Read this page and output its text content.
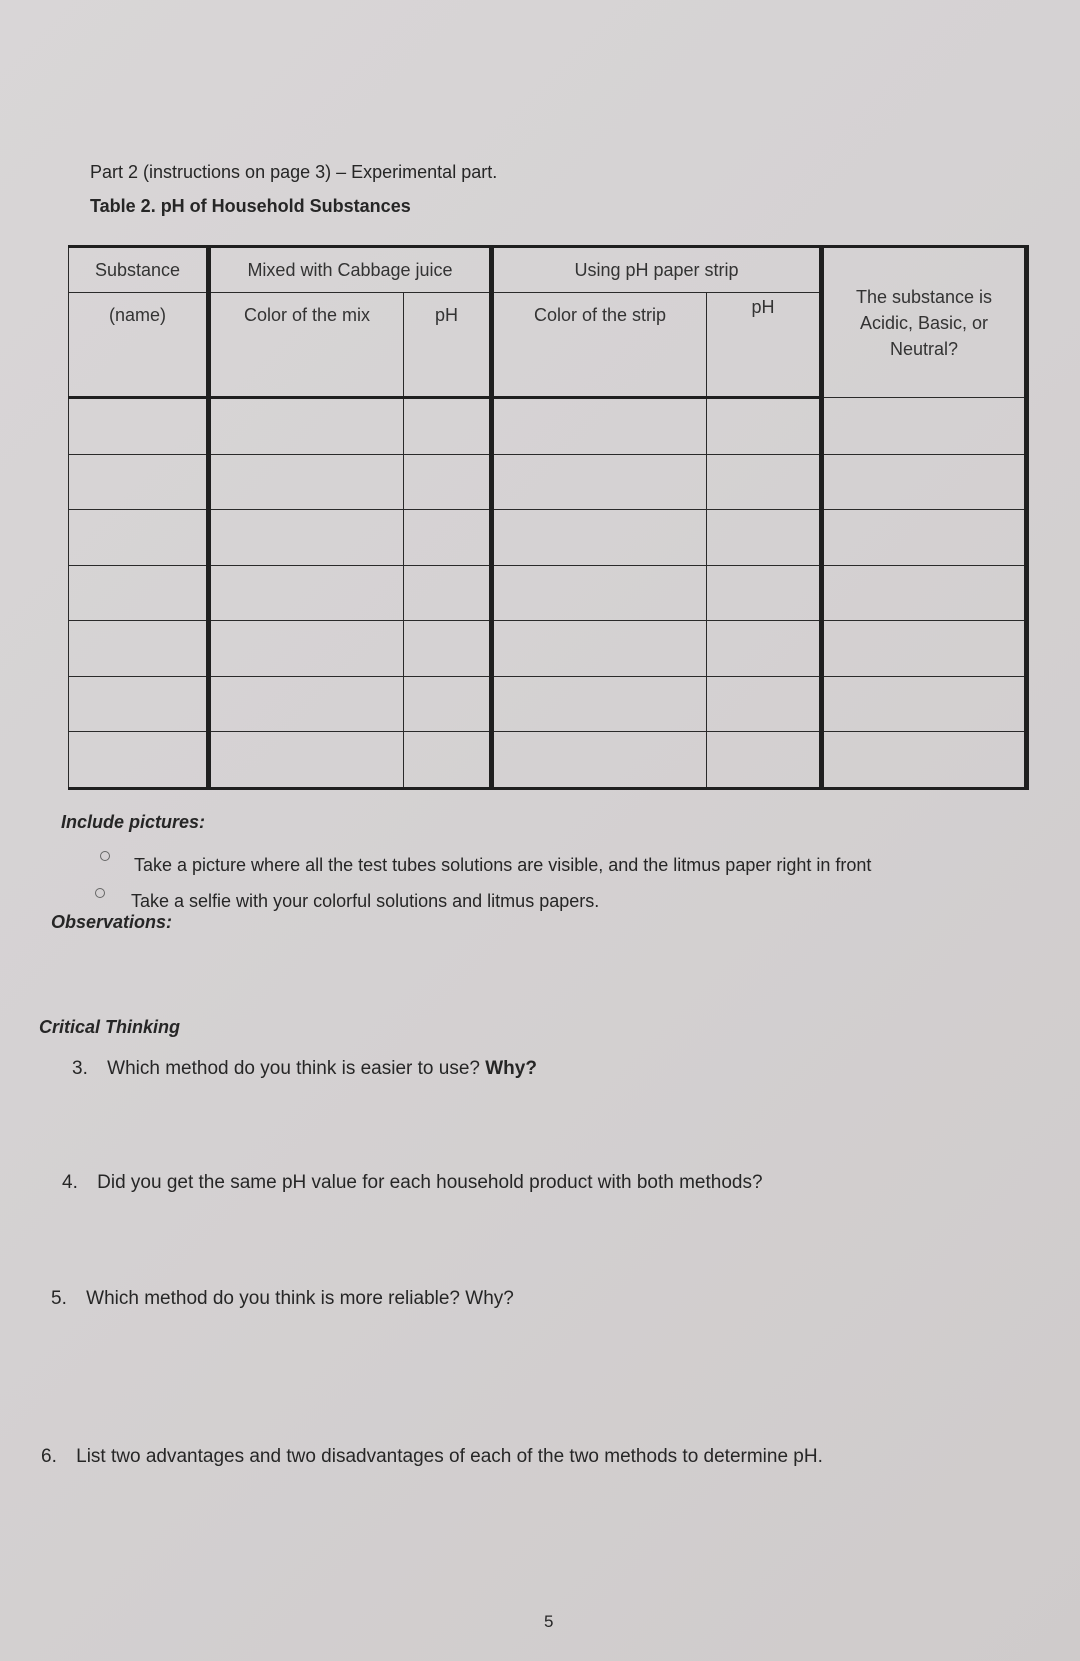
Part 2 (instructions on page 3) – Experimental part.
Table 2. pH of Household Substances
Substance	Mixed with Cabbage juice		Using pH paper strip		The substance is
Acidic, Basic, or
Neutral?

(name)	Color of the mix	pH	Color of the strip	pH	

Include pictures:
Take a picture where all the test tubes solutions are visible, and the litmus paper right in front
Take a selfie with your colorful solutions and litmus papers.
Observations:
Critical Thinking
3. Which method do you think is easier to use? Why?
4. Did you get the same pH value for each household product with both methods?
5. Which method do you think is more reliable? Why?
6. List two advantages and two disadvantages of each of the two methods to determine pH.
5
